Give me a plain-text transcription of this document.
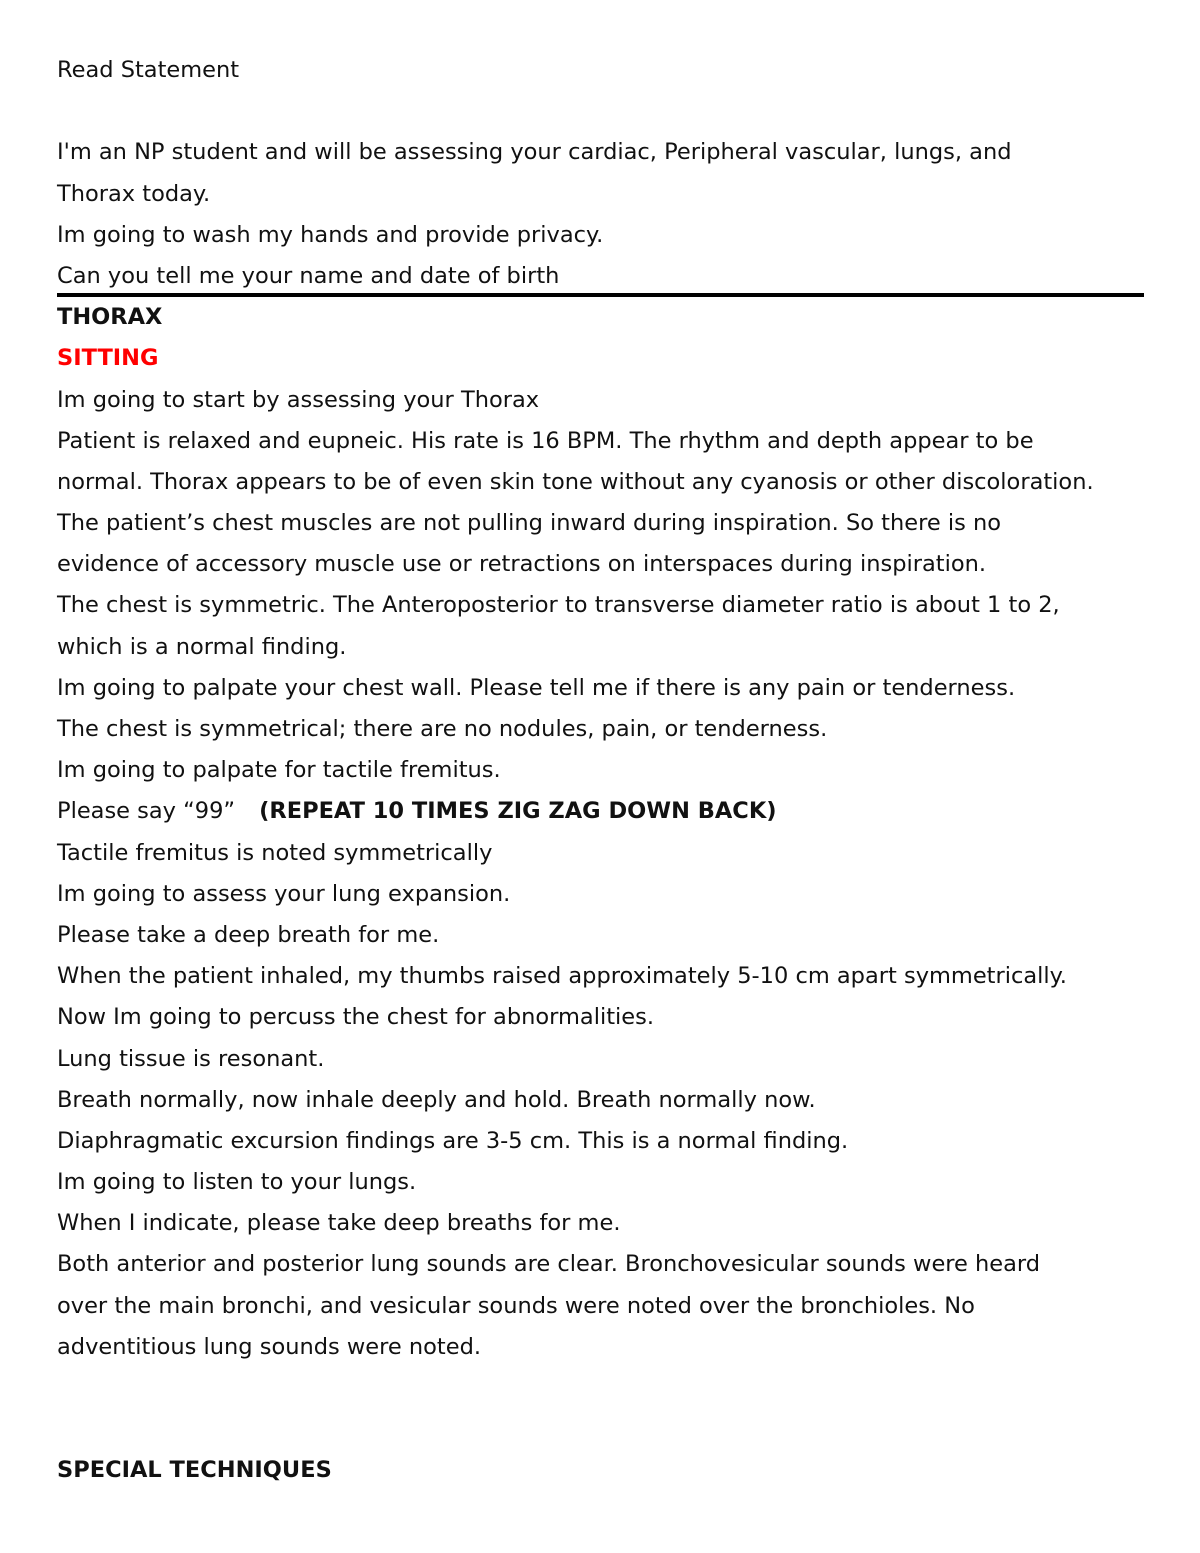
Read Statement
I'm an NP student and will be assessing your cardiac, Peripheral vascular, lungs, and
Thorax today.
Im going to wash my hands and provide privacy.
Can you tell me your name and date of birth
THORAX
SITTING
Im going to start by assessing your Thorax
Patient is relaxed and eupneic. His rate is 16 BPM. The rhythm and depth appear to be
normal. Thorax appears to be of even skin tone without any cyanosis or other discoloration.
The patient’s chest muscles are not pulling inward during inspiration. So there is no
evidence of accessory muscle use or retractions on interspaces during inspiration.
The chest is symmetric. The Anteroposterior to transverse diameter ratio is about 1 to 2,
which is a normal finding.
Im going to palpate your chest wall. Please tell me if there is any pain or tenderness.
The chest is symmetrical; there are no nodules, pain, or tenderness.
Im going to palpate for tactile fremitus.
Please say “99” (REPEAT 10 TIMES ZIG ZAG DOWN BACK)
Tactile fremitus is noted symmetrically
Im going to assess your lung expansion.
Please take a deep breath for me.
When the patient inhaled, my thumbs raised approximately 5-10 cm apart symmetrically.
Now Im going to percuss the chest for abnormalities.
Lung tissue is resonant.
Breath normally, now inhale deeply and hold. Breath normally now.
Diaphragmatic excursion findings are 3-5 cm. This is a normal finding.
Im going to listen to your lungs.
When I indicate, please take deep breaths for me.
Both anterior and posterior lung sounds are clear. Bronchovesicular sounds were heard
over the main bronchi, and vesicular sounds were noted over the bronchioles. No
adventitious lung sounds were noted.
SPECIAL TECHNIQUES
